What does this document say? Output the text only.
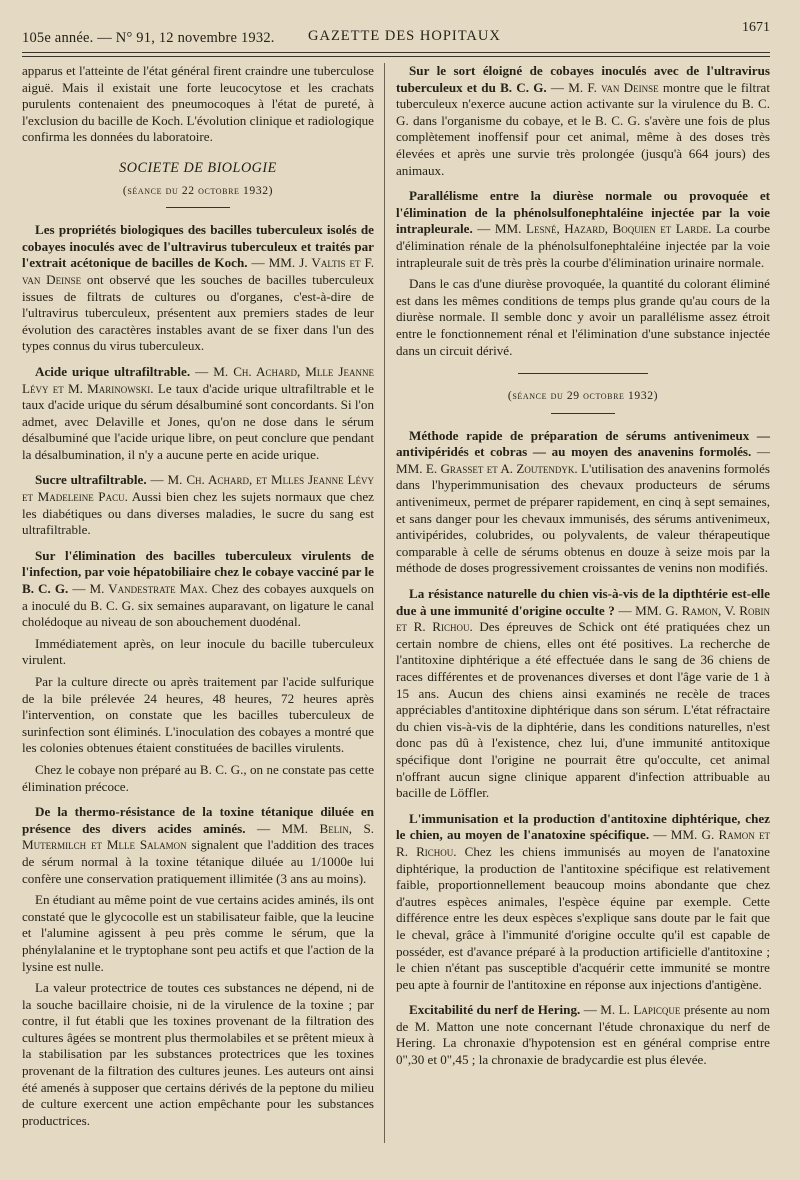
105e année. — N° 91, 12 novembre 1932. GAZETTE DES HOPITAUX
1671

apparus et l'atteinte de l'état général firent craindre une tuberculose aiguë. Mais il existait une forte leucocytose et les crachats purulents contenaient des pneumocoques à l'état de pureté, à l'exclusion du bacille de Koch. L'évolution clinique et radiologique confirma les données du laboratoire.

SOCIETE DE BIOLOGIE
(séance du 22 octobre 1932)

Les propriétés biologiques des bacilles tuberculeux isolés de cobayes inoculés avec de l'ultravirus tuberculeux et traités par l'extrait acétonique de bacilles de Koch. — MM. J. Valtis et F. van Deinse ont observé que les souches de bacilles tuberculeux issues de filtrats de cultures ou d'organes, c'est-à-dire de l'ultravirus tuberculeux, présentent aux premiers stades de leur évolution des caractères instables avant de se fixer dans l'un des types connus du virus tuberculeux.

Acide urique ultrafiltrable. — M. Ch. Achard, Mlle Jeanne Lévy et M. Marinowski. Le taux d'acide urique ultrafiltrable et le taux d'acide urique du sérum désalbuminé sont concordants. Si l'on admet, avec Delaville et Jones, qu'on ne dose dans le sérum désalbuminé que l'acide urique libre, on peut conclure que pendant la désalbumination, il n'y a aucune perte en acide urique.

Sucre ultrafiltrable. — M. Ch. Achard, et Mlles Jeanne Lévy et Madeleine Pacu. Aussi bien chez les sujets normaux que chez les diabétiques ou dans diverses maladies, le sucre du sang est ultrafiltrable.

Sur l'élimination des bacilles tuberculeux virulents de l'infection, par voie hépatobiliaire chez le cobaye vacciné par le B. C. G. — M. Vandestrate Max. Chez des cobayes auxquels on a inoculé du B. C. G. six semaines auparavant, on ligature le canal cholédoque au niveau de son abouchement duodénal.

Immédiatement après, on leur inocule du bacille tuberculeux virulent.

Par la culture directe ou après traitement par l'acide sulfurique de la bile prélevée 24 heures, 48 heures, 72 heures après l'intervention, on constate que les bacilles tuberculeux de surinfection sont éliminés. L'inoculation des cobayes a montré que les colonies obtenues étaient constituées de bacilles virulents.

Chez le cobaye non préparé au B. C. G., on ne constate pas cette élimination précoce.

De la thermo-résistance de la toxine tétanique diluée en présence des divers acides aminés. — MM. Belin, S. Mutermilch et Mlle Salamon signalent que l'addition des traces de sérum normal à la toxine tétanique diluée au 1/1000e lui confère une conservation pratiquement illimitée (3 ans au moins).

En étudiant au même point de vue certains acides aminés, ils ont constaté que le glycocolle est un stabilisateur faible, que la leucine et l'alumine agissent à peu près comme le sérum, que la phénylalanine et le tryptophane sont peu actifs et que l'action de la lysine est nulle.

La valeur protectrice de toutes ces substances ne dépend, ni de la souche bacillaire choisie, ni de la virulence de la toxine ; par contre, il fut établi que les toxines provenant de la filtration des cultures âgées se montrent plus thermolabiles et se prêtent mieux à la stabilisation par les substances protectrices que les toxines provenant de la filtration des cultures jeunes. Les auteurs ont ainsi été amenés à supposer que certains dérivés de la peptone du milieu de culture exercent une action empêchante pour les substances productrices.

Sur le sort éloigné de cobayes inoculés avec de l'ultravirus tuberculeux et du B. C. G. — M. F. van Deinse montre que le filtrat tuberculeux n'exerce aucune action activante sur la virulence du B. C. G. dans l'organisme du cobaye, et le B. C. G. s'avère une fois de plus complètement inoffensif pour cet animal, même à des doses très élevées et après une survie très prolongée (jusqu'à 664 jours) des animaux.

Parallélisme entre la diurèse normale ou provoquée et l'élimination de la phénolsulfonephtaléine injectée par la voie intrapleurale. — MM. Lesné, Hazard, Boquien et Larde. La courbe d'élimination rénale de la phénolsulfonephtaléine injectée par la voie intrapleurale suit de très près la courbe d'élimination urinaire normale.

Dans le cas d'une diurèse provoquée, la quantité du colorant éliminé est dans les mêmes conditions de temps plus grande qu'au cours de la diurèse normale. Il semble donc y avoir un parallélisme assez étroit entre le fonctionnement rénal et l'élimination d'une substance injectée dans un circuit dérivé.

(séance du 29 octobre 1932)

Méthode rapide de préparation de sérums antivenimeux — antivipéridés et cobras — au moyen des anavenins formolés. — MM. E. Grasset et A. Zoutendyk. L'utilisation des anavenins formolés dans l'hyperimmunisation des chevaux producteurs de sérums antivenimeux, permet de préparer rapidement, en cinq à sept semaines, et sans danger pour les chevaux immunisés, des sérums antivenimeux, antivipérides, colubrides, ou polyvalents, de valeur thérapeutique comparable à celle de sérums obtenus en douze à seize mois par la méthode de doses progressivement croissantes de venins non modifiés.

La résistance naturelle du chien vis-à-vis de la dipthtérie est-elle due à une immunité d'origine occulte ? — MM. G. Ramon, V. Robin et R. Richou. Des épreuves de Schick ont été pratiquées chez un certain nombre de chiens, elles ont été positives. La recherche de l'antitoxine diphtérique a été effectuée dans le sang de 36 chiens de races différentes et de provenances diverses et dont l'âge varie de 1 à 15 ans. Aucun des chiens ainsi examinés ne recèle de traces appréciables d'antitoxine diphtérique dans son sérum. L'état réfractaire du chien vis-à-vis de la diphtérie, dans les conditions naturelles, n'est donc pas dû à l'existence, chez lui, d'une immunité antitoxique spécifique dont l'origine ne pourrait être qu'occulte, cet animal n'offrant aucun signe clinique apparent d'infection attribuable au bacille de Löffler.

L'immunisation et la production d'antitoxine diphtérique, chez le chien, au moyen de l'anatoxine spécifique. — MM. G. Ramon et R. Richou. Chez les chiens immunisés au moyen de l'anatoxine diphtérique, la production de l'antitoxine spécifique est relativement faible, proportionnellement beaucoup moins abondante que chez d'autres espèces animales, l'espèce équine par exemple. Cette différence entre les deux espèces s'explique sans doute par le fait que le cheval, grâce à l'immunité d'origine occulte qu'il est capable de posséder, est d'avance préparé à la production artificielle d'antitoxine ; le chien n'étant pas susceptible d'acquérir cette immunité se montre peu apte à fournir de l'antitoxine en réponse aux injections d'antigène.

Excitabilité du nerf de Hering. — M. L. Lapicque présente au nom de M. Matton une note concernant l'étude chronaxique du nerf de Hering. La chronaxie d'hypotension est en général comprise entre 0",30 et 0",45 ; la chronaxie de bradycardie est plus élevée.
